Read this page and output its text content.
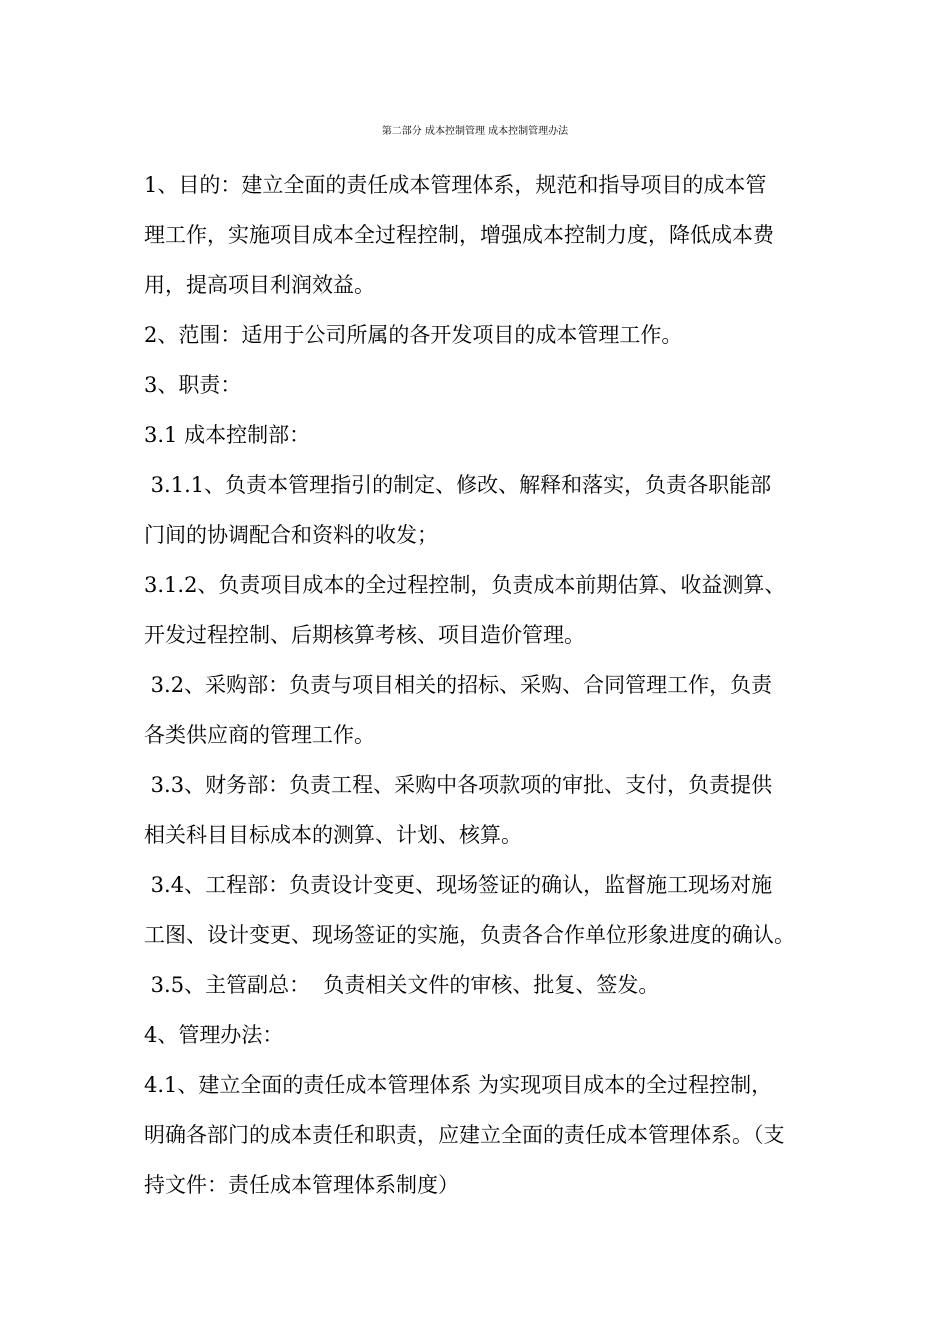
第二部分 成本控制管理 成本控制管理办法
1、目的：建立全面的责任成本管理体系，规范和指导项目的成本管
理工作，实施项目成本全过程控制，增强成本控制力度，降低成本费
用，提高项目利润效益。
2、范围：适用于公司所属的各开发项目的成本管理工作。
3、职责：
3.1 成本控制部：
3.1.1、负责本管理指引的制定、修改、解释和落实，负责各职能部
门间的协调配合和资料的收发；
3.1.2、负责项目成本的全过程控制，负责成本前期估算、收益测算、
开发过程控制、后期核算考核、项目造价管理。
3.2、采购部：负责与项目相关的招标、采购、合同管理工作，负责
各类供应商的管理工作。
3.3、财务部：负责工程、采购中各项款项的审批、支付，负责提供
相关科目目标成本的测算、计划、核算。
3.4、工程部：负责设计变更、现场签证的确认，监督施工现场对施
工图、设计变更、现场签证的实施，负责各合作单位形象进度的确认。
3.5、主管副总：  负责相关文件的审核、批复、签发。
4、管理办法：
4.1、建立全面的责任成本管理体系 为实现项目成本的全过程控制，
明确各部门的成本责任和职责，应建立全面的责任成本管理体系。（支
持文件：责任成本管理体系制度）
